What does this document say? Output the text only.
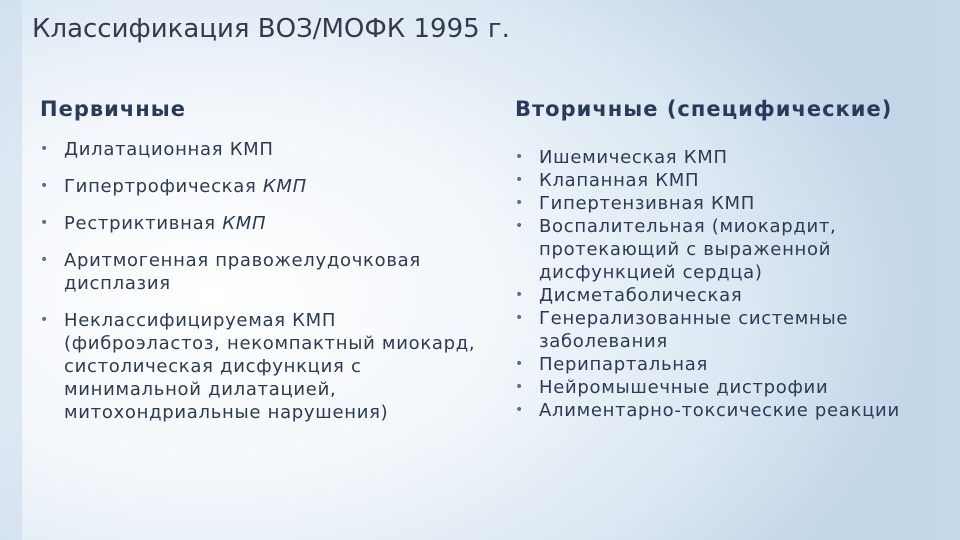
Классификация ВОЗ/МОФК 1995 г.
Первичные
• Дилатационная КМП
• Гипертрофическая КМП
• Рестриктивная КМП
• Аритмогенная правожелудочковая дисплазия
• Неклассифицируемая КМП (фиброэластоз, некомпактный миокард, систолическая дисфункция с минимальной дилатацией, митохондриальные нарушения)
Вторичные (специфические)
• Ишемическая КМП
• Клапанная КМП
• Гипертензивная КМП
• Воспалительная (миокардит, протекающий с выраженной дисфункцией сердца)
• Дисметаболическая
• Генерализованные системные заболевания
• Перипартальная
• Нейромышечные дистрофии
• Алиментарно-токсические реакции
